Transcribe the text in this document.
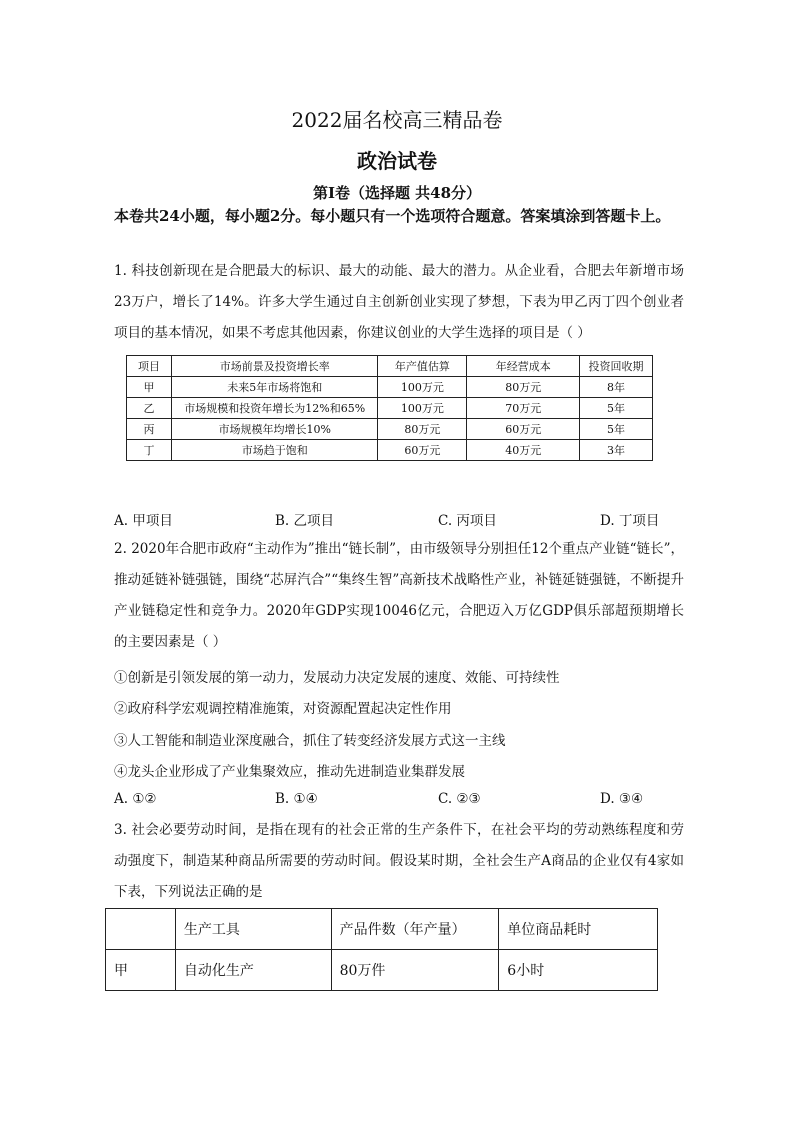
2022届名校高三精品卷
政治试卷
第Ⅰ卷（选择题 共48分）
本卷共24小题，每小题2分。每小题只有一个选项符合题意。答案填涂到答题卡上。
1. 科技创新现在是合肥最大的标识、最大的动能、最大的潜力。从企业看，合肥去年新增市场23万户，增长了14%。许多大学生通过自主创新创业实现了梦想，下表为甲乙丙丁四个创业者项目的基本情况，如果不考虑其他因素，你建议创业的大学生选择的项目是（ ）
项目	市场前景及投资增长率	年产值估算	年经营成本	投资回收期
甲	未来5年市场将饱和	100万元	80万元	8年
乙	市场规模和投资年增长为12%和65%	100万元	70万元	5年
丙	市场规模年均增长10%	80万元	60万元	5年
丁	市场趋于饱和	60万元	40万元	3年
A. 甲项目	B. 乙项目	C. 丙项目	D. 丁项目
2. 2020年合肥市政府“主动作为”推出“链长制”，由市级领导分别担任12个重点产业链“链长”，推动延链补链强链，围绕“芯屏汽合”“集终生智”高新技术战略性产业，补链延链强链，不断提升产业链稳定性和竞争力。2020年GDP实现10046亿元，合肥迈入万亿GDP俱乐部超预期增长的主要因素是（ ）
①创新是引领发展的第一动力，发展动力决定发展的速度、效能、可持续性
②政府科学宏观调控精准施策，对资源配置起决定性作用
③人工智能和制造业深度融合，抓住了转变经济发展方式这一主线
④龙头企业形成了产业集聚效应，推动先进制造业集群发展
A. ①②	B. ①④	C. ②③	D. ③④
3. 社会必要劳动时间，是指在现有的社会正常的生产条件下，在社会平均的劳动熟练程度和劳动强度下，制造某种商品所需要的劳动时间。假设某时期，全社会生产A商品的企业仅有4家如下表，下列说法正确的是
	生产工具	产品件数（年产量）	单位商品耗时
甲	自动化生产	80万件	6小时
